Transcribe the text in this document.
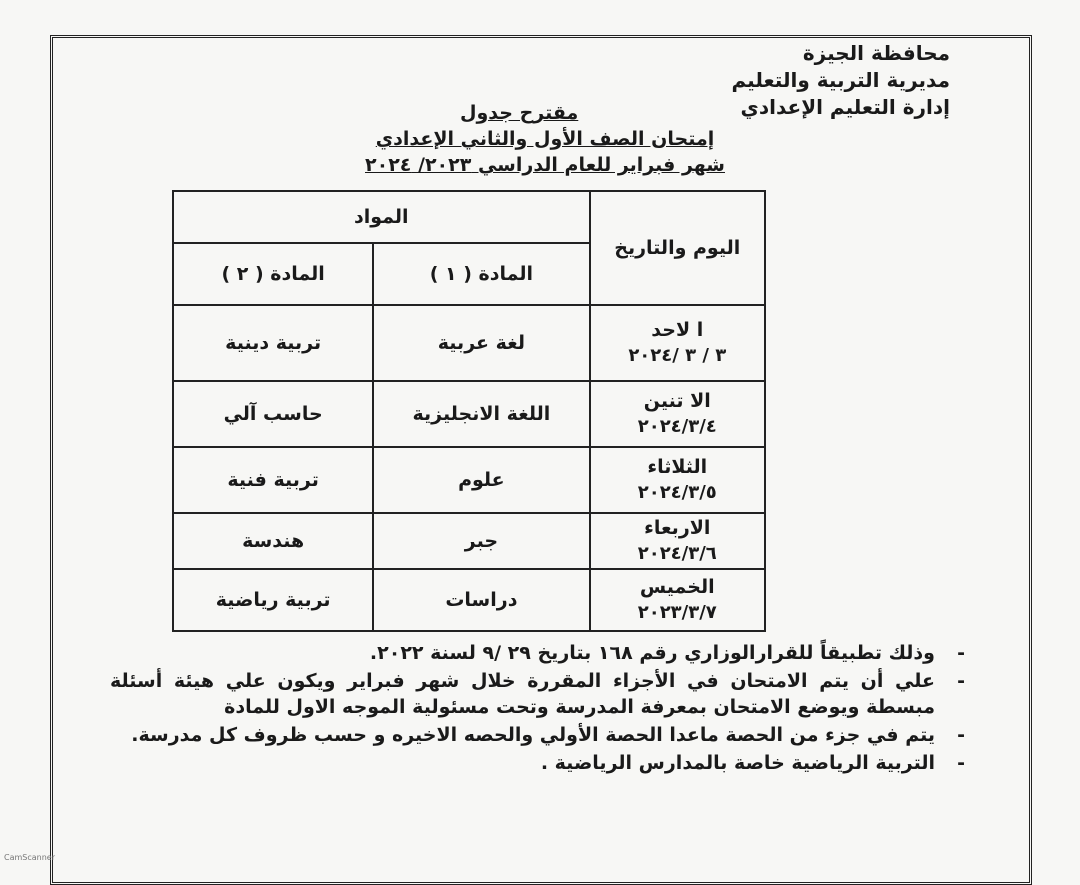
محافظة الجيزة
مديرية التربية والتعليم
إدارة التعليم الإعدادي
مقترح جدول
إمتحان الصف الأول والثاني الإعدادي
شهر فبراير للعام الدراسي ٢٠٢٣/ ٢٠٢٤
اليوم والتاريخ	المواد	
	المادة ( ١ )	المادة ( ٢ )

ا لاحد
٣ / ٣ /٢٠٢٤	لغة عربية	تربية دينية

الا تنين
٢٠٢٤/٣/٤	اللغة الانجليزية	حاسب آلي

الثلاثاء
٢٠٢٤/٣/٥	علوم	تربية فنية

الاربعاء
٢٠٢٤/٣/٦	جبر	هندسة

الخميس
٢٠٢٣/٣/٧	دراسات	تربية رياضية
-
وذلك تطبيقاً للقرارالوزاري رقم ١٦٨ بتاريخ ٢٩ /٩ لسنة ٢٠٢٢.
-
علي أن يتم الامتحان في الأجزاء المقررة خلال شهر فبراير ويكون علي هيئة أسئلة مبسطة ويوضع الامتحان بمعرفة المدرسة وتحت مسئولية الموجه الاول للمادة
-
يتم في جزء من الحصة ماعدا الحصة الأولي والحصه الاخيره و حسب ظروف كل مدرسة.
-
التربية الرياضية خاصة بالمدارس الرياضية .
CamScanner
